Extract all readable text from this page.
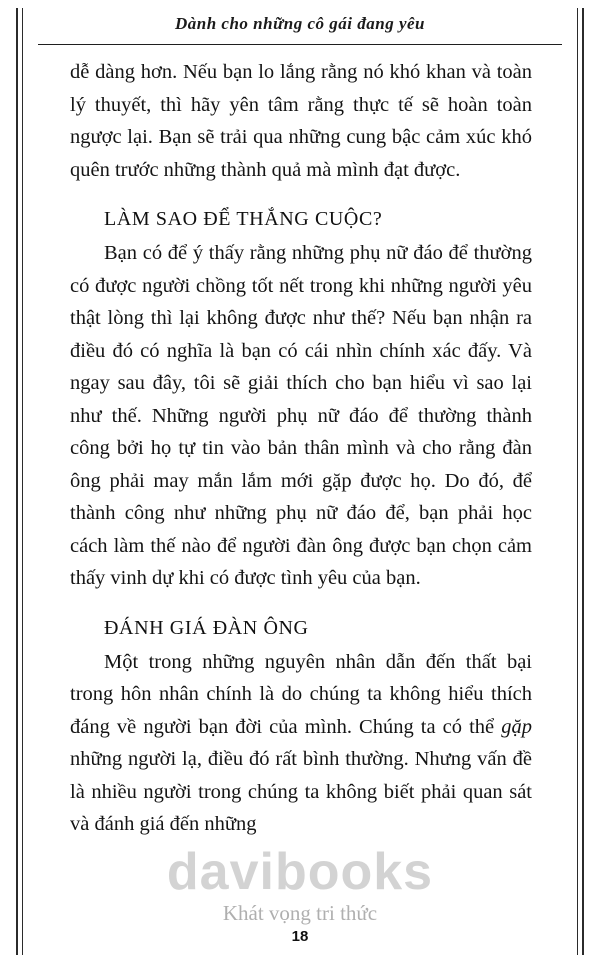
Dành cho những cô gái đang yêu

dễ dàng hơn. Nếu bạn lo lắng rằng nó khó khan và toàn lý thuyết, thì hãy yên tâm rằng thực tế sẽ hoàn toàn ngược lại. Bạn sẽ trải qua những cung bậc cảm xúc khó quên trước những thành quả mà mình đạt được.

LÀM SAO ĐỂ THẮNG CUỘC?

Bạn có để ý thấy rằng những phụ nữ đáo để thường có được người chồng tốt nết trong khi những người yêu thật lòng thì lại không được như thế? Nếu bạn nhận ra điều đó có nghĩa là bạn có cái nhìn chính xác đấy. Và ngay sau đây, tôi sẽ giải thích cho bạn hiểu vì sao lại như thế. Những người phụ nữ đáo để thường thành công bởi họ tự tin vào bản thân mình và cho rằng đàn ông phải may mắn lắm mới gặp được họ. Do đó, để thành công như những phụ nữ đáo để, bạn phải học cách làm thế nào để người đàn ông được bạn chọn cảm thấy vinh dự khi có được tình yêu của bạn.

ĐÁNH GIÁ ĐÀN ÔNG

Một trong những nguyên nhân dẫn đến thất bại trong hôn nhân chính là do chúng ta không hiểu thích đáng về người bạn đời của mình. Chúng ta có thể gặp những người lạ, điều đó rất bình thường. Nhưng vấn đề là nhiều người trong chúng ta không biết phải quan sát và đánh giá đến những

davibooks
Khát vọng tri thức
18
